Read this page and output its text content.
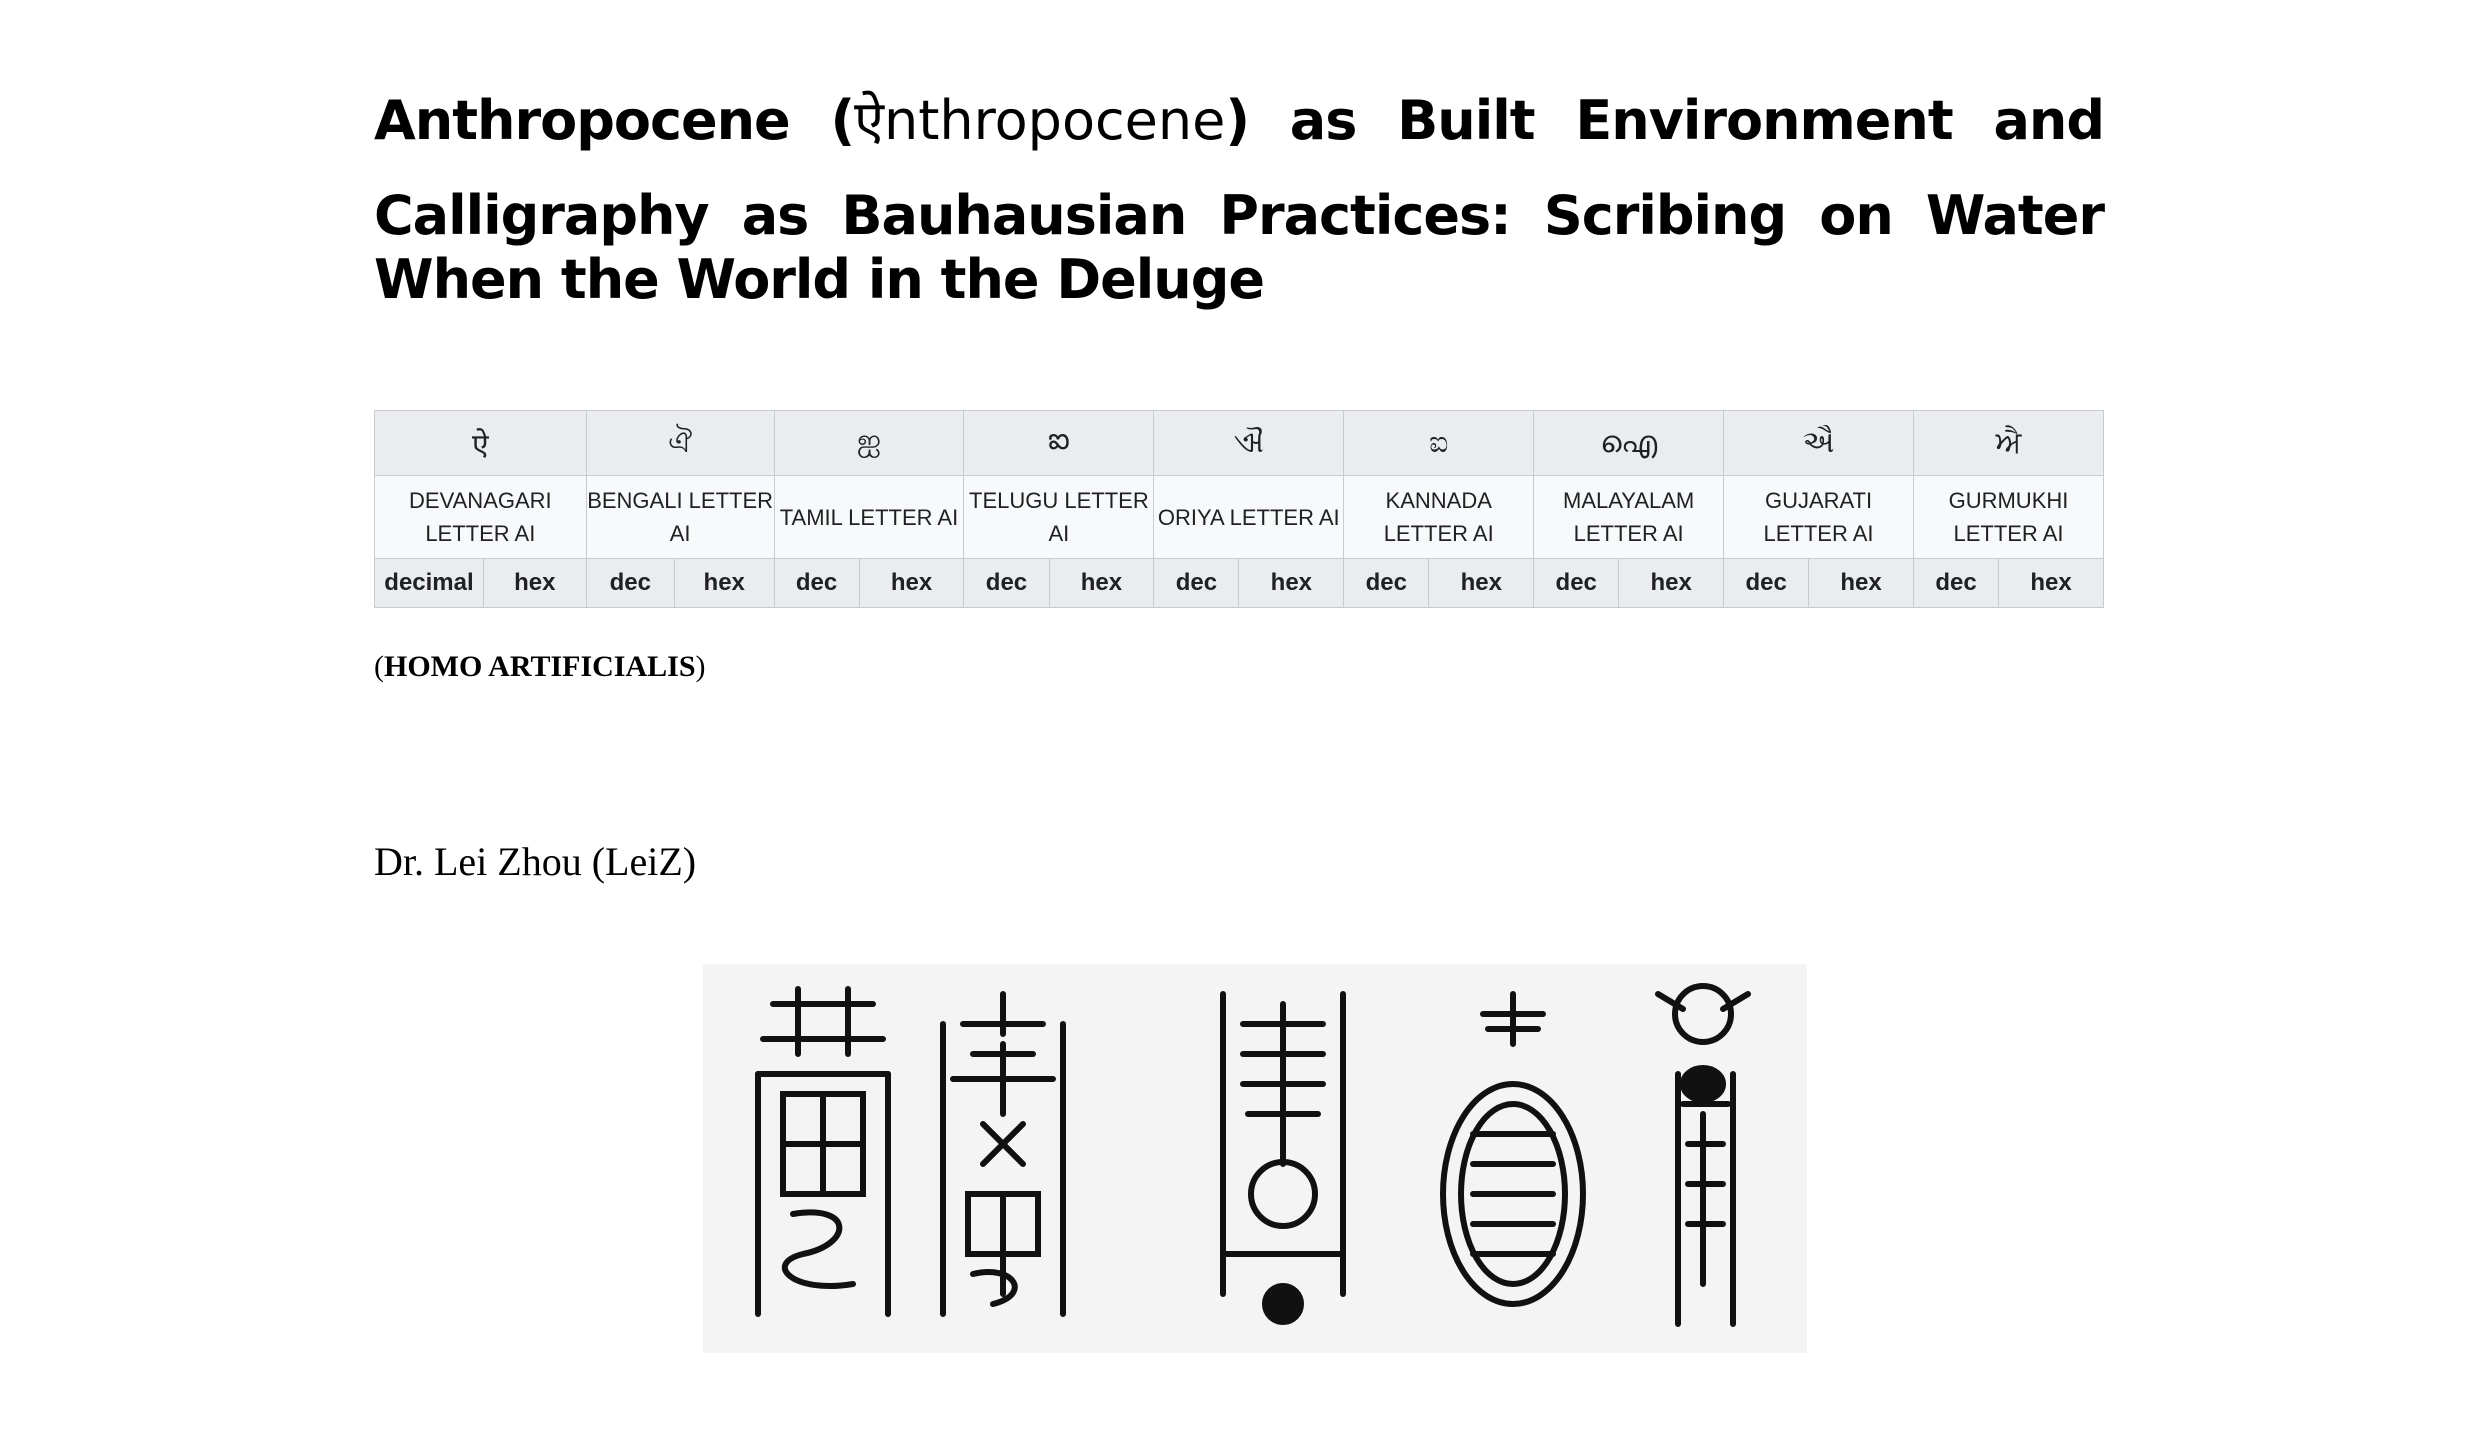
Anthropocene (ऐnthropocene) as Built Environment and
Calligraphy as Bauhausian Practices: Scribing on Water When the World in the Deluge
ऐ		ঐ		ஐ		ఐ		ଐ		ಐ		ഐ		ઐ		ਐ	
DEVANAGARI LETTER AI		BENGALI LETTER AI		TAMIL LETTER AI		TELUGU LETTER AI		ORIYA LETTER AI		KANNADA LETTER AI		MALAYALAM LETTER AI		GUJARATI LETTER AI		GURMUKHI LETTER AI	
decimal	hex	dec	hex	dec	hex	dec	hex	dec	hex	dec	hex	dec	hex	dec	hex	dec	hex

(HOMO ARTIFICIALIS)

Dr. Lei Zhou (LeiZ)
